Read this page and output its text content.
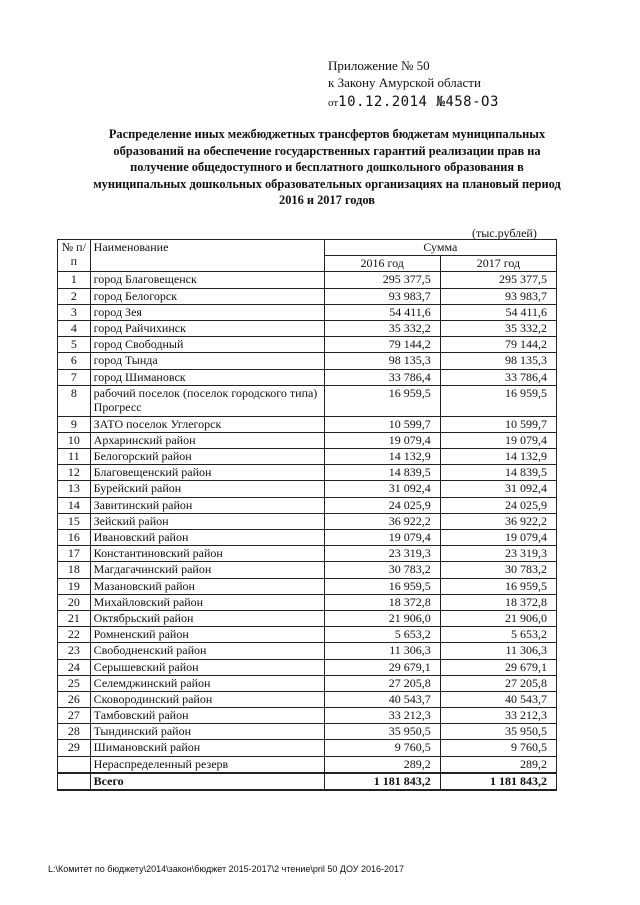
Приложение № 50
к Закону Амурской области
от10.12.2014 №458-ОЗ
Распределение иных межбюджетных трансфертов бюджетам муниципальных образований на обеспечение государственных гарантий реализации прав на получение общедоступного и бесплатного дошкольного образования в муниципальных дошкольных образовательных организациях на плановый период 2016 и 2017 годов
(тыс.рублей)
№ п/п	Наименование	Сумма	
		2016 год	2017 год
1	город Благовещенск	295 377,5	295 377,5
2	город Белогорск	93 983,7	93 983,7
3	город Зея	54 411,6	54 411,6
4	город Райчихинск	35 332,2	35 332,2
5	город Свободный	79 144,2	79 144,2
6	город Тында	98 135,3	98 135,3
7	город Шимановск	33 786,4	33 786,4
8	рабочий поселок (поселок городского типа) Прогресс	16 959,5	16 959,5
9	ЗАТО поселок Углегорск	10 599,7	10 599,7
10	Архаринский район	19 079,4	19 079,4
11	Белогорский район	14 132,9	14 132,9
12	Благовещенский район	14 839,5	14 839,5
13	Бурейский район	31 092,4	31 092,4
14	Завитинский район	24 025,9	24 025,9
15	Зейский район	36 922,2	36 922,2
16	Ивановский район	19 079,4	19 079,4
17	Константиновский район	23 319,3	23 319,3
18	Магдагачинский район	30 783,2	30 783,2
19	Мазановский район	16 959,5	16 959,5
20	Михайловский район	18 372,8	18 372,8
21	Октябрьский район	21 906,0	21 906,0
22	Ромненский район	5 653,2	5 653,2
23	Свободненский район	11 306,3	11 306,3
24	Серышевский район	29 679,1	29 679,1
25	Селемджинский район	27 205,8	27 205,8
26	Сковородинский район	40 543,7	40 543,7
27	Тамбовский район	33 212,3	33 212,3
28	Тындинский район	35 950,5	35 950,5
29	Шимановский район	9 760,5	9 760,5
	Нераспределенный резерв	289,2	289,2
	Всего	1 181 843,2	1 181 843,2
L:\Комитет по бюджету\2014\закон\бюджет 2015-2017\2 чтение\pril 50 ДОУ 2016-2017
